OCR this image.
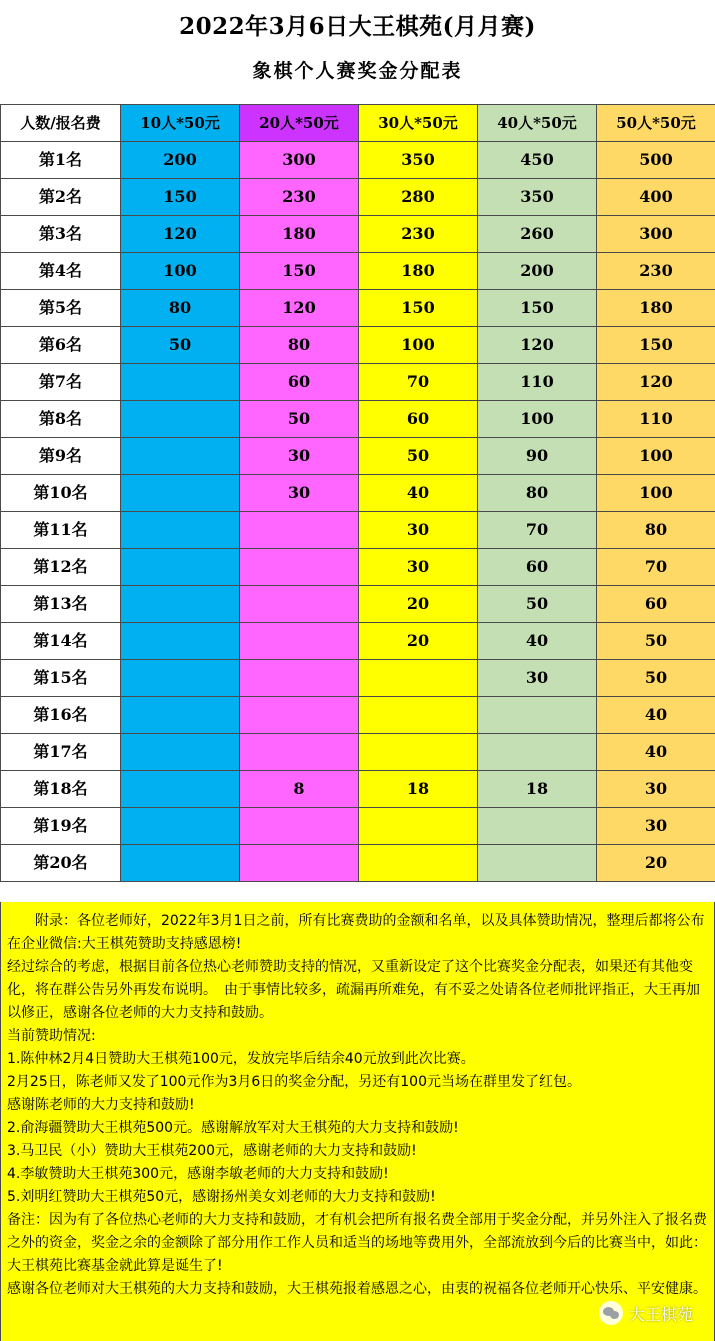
2022年3月6日大王棋苑(月月赛)
象棋个人赛奖金分配表
人数/报名费	10人*50元	20人*50元	30人*50元	40人*50元	50人*50元
第1名	200	300	350	450	500
第2名	150	230	280	350	400
第3名	120	180	230	260	300
第4名	100	150	180	200	230
第5名	80	120	150	150	180
第6名	50	80	100	120	150
第7名		60	70	110	120
第8名		50	60	100	110
第9名		30	50	90	100
第10名		30	40	80	100
第11名			30	70	80
第12名			30	60	70
第13名			20	50	60
第14名			20	40	50
第15名				30	50
第16名					40
第17名					40
第18名		8	18	18	30
第19名					30
第20名					20

附录：各位老师好，2022年3月1日之前，所有比赛费助的金额和名单，以及具体赞助情况，整理后都将公布在企业微信:大王棋苑赞助支持感恩榜!

经过综合的考虑，根据目前各位热心老师赞助支持的情况，又重新设定了这个比赛奖金分配表，如果还有其他变化，将在群公告另外再发布说明。　由于事情比较多，疏漏再所难免，有不妥之处请各位老师批评指正，大王再加以修正，感谢各位老师的大力支持和鼓励。

当前赞助情况:

1.陈仲林2月4日赞助大王棋苑100元，发放完毕后结余40元放到此次比赛。

2月25日，陈老师又发了100元作为3月6日的奖金分配，另还有100元当场在群里发了红包。

感谢陈老师的大力支持和鼓励!

2.俞海疆赞助大王棋苑500元。感谢解放军对大王棋苑的大力支持和鼓励!

3.马卫民（小）赞助大王棋苑200元，感谢老师的大力支持和鼓励!

4.李敏赞助大王棋苑300元，感谢李敏老师的大力支持和鼓励!

5.刘明红赞助大王棋苑50元，感谢扬州美女刘老师的大力支持和鼓励!

备注：因为有了各位热心老师的大力支持和鼓励，才有机会把所有报名费全部用于奖金分配，并另外注入了报名费之外的资金，奖金之余的金额除了部分用作工作人员和适当的场地等费用外，全部流放到今后的比赛当中，如此：大王棋苑比赛基金就此算是诞生了!

感谢各位老师对大王棋苑的大力支持和鼓励，大王棋苑报着感恩之心，由衷的祝福各位老师开心快乐、平安健康。

大王棋苑
